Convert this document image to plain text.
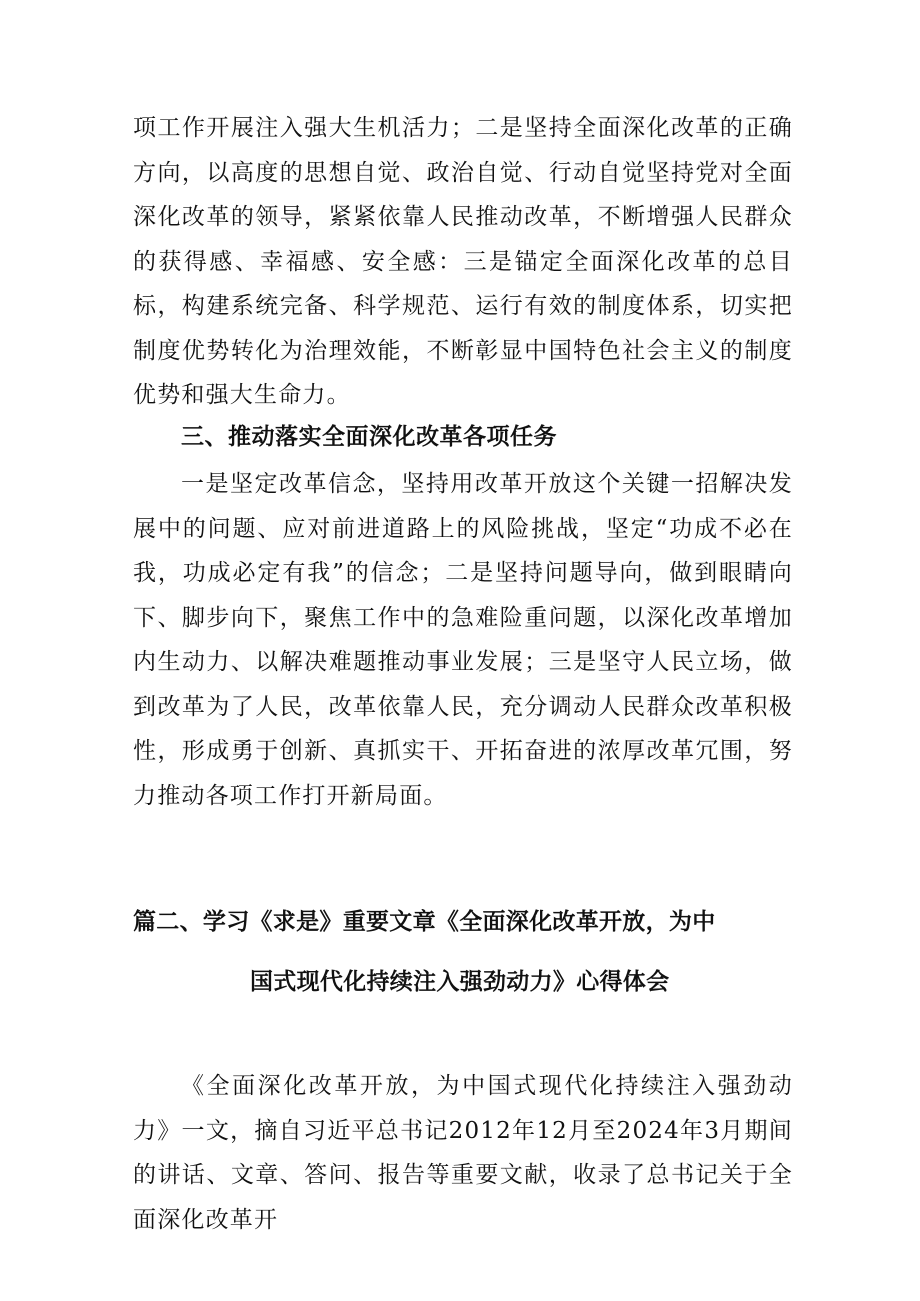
项工作开展注入强大生机活力；二是坚持全面深化改革的正确方向，以高度的思想自觉、政治自觉、行动自觉坚持党对全面深化改革的领导，紧紧依靠人民推动改革，不断增强人民群众的获得感、幸福感、安全感：三是锚定全面深化改革的总目标，构建系统完备、科学规范、运行有效的制度体系，切实把制度优势转化为治理效能，不断彰显中国特色社会主义的制度优势和强大生命力。

三、推动落实全面深化改革各项任务

一是坚定改革信念，坚持用改革开放这个关键一招解决发展中的问题、应对前进道路上的风险挑战，坚定“功成不必在我，功成必定有我”的信念；二是坚持问题导向，做到眼睛向下、脚步向下，聚焦工作中的急难险重问题，以深化改革增加内生动力、以解决难题推动事业发展；三是坚守人民立场，做到改革为了人民，改革依靠人民，充分调动人民群众改革积极性，形成勇于创新、真抓实干、开拓奋进的浓厚改革冗围，努力推动各项工作打开新局面。

篇二、学习《求是》重要文章《全面深化改革开放，为中
国式现代化持续注入强劲动力》心得体会

《全面深化改革开放，为中国式现代化持续注入强劲动力》一文，摘自习近平总书记2012年12月至2024年3月期间的讲话、文章、答问、报告等重要文献，收录了总书记关于全面深化改革开
